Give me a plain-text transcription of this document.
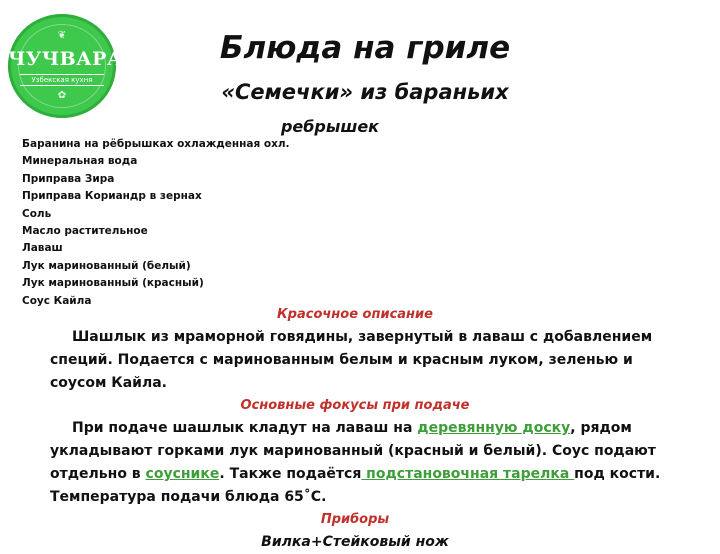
❦
ЧУЧВАРА
Узбекская кухня
✿
Блюда на гриле
«Семечки» из бараньих
ребрышек
Баранина на рёбрышках охлажденная охл.
Минеральная вода
Приправа Зира
Приправа Кориандр в зернах
Соль
Масло растительное
Лаваш
Лук маринованный (белый)
Лук маринованный (красный)
Соус Кайла
Красочное описание

Шашлык из мраморной говядины, завернутый в лаваш с добавлением

специй. Подается с маринованным белым и красным луком, зеленью и

соусом Кайла.

Основные фокусы при подаче

При подаче шашлык кладут на лаваш на деревянную доску, рядом

укладывают горками лук маринованный (красный и белый). Соус подают

отдельно в соуснике. Также подаётся подстановочная тарелка под кости.

Температура подачи блюда 65˚С.

Приборы

Вилка+Стейковый нож
